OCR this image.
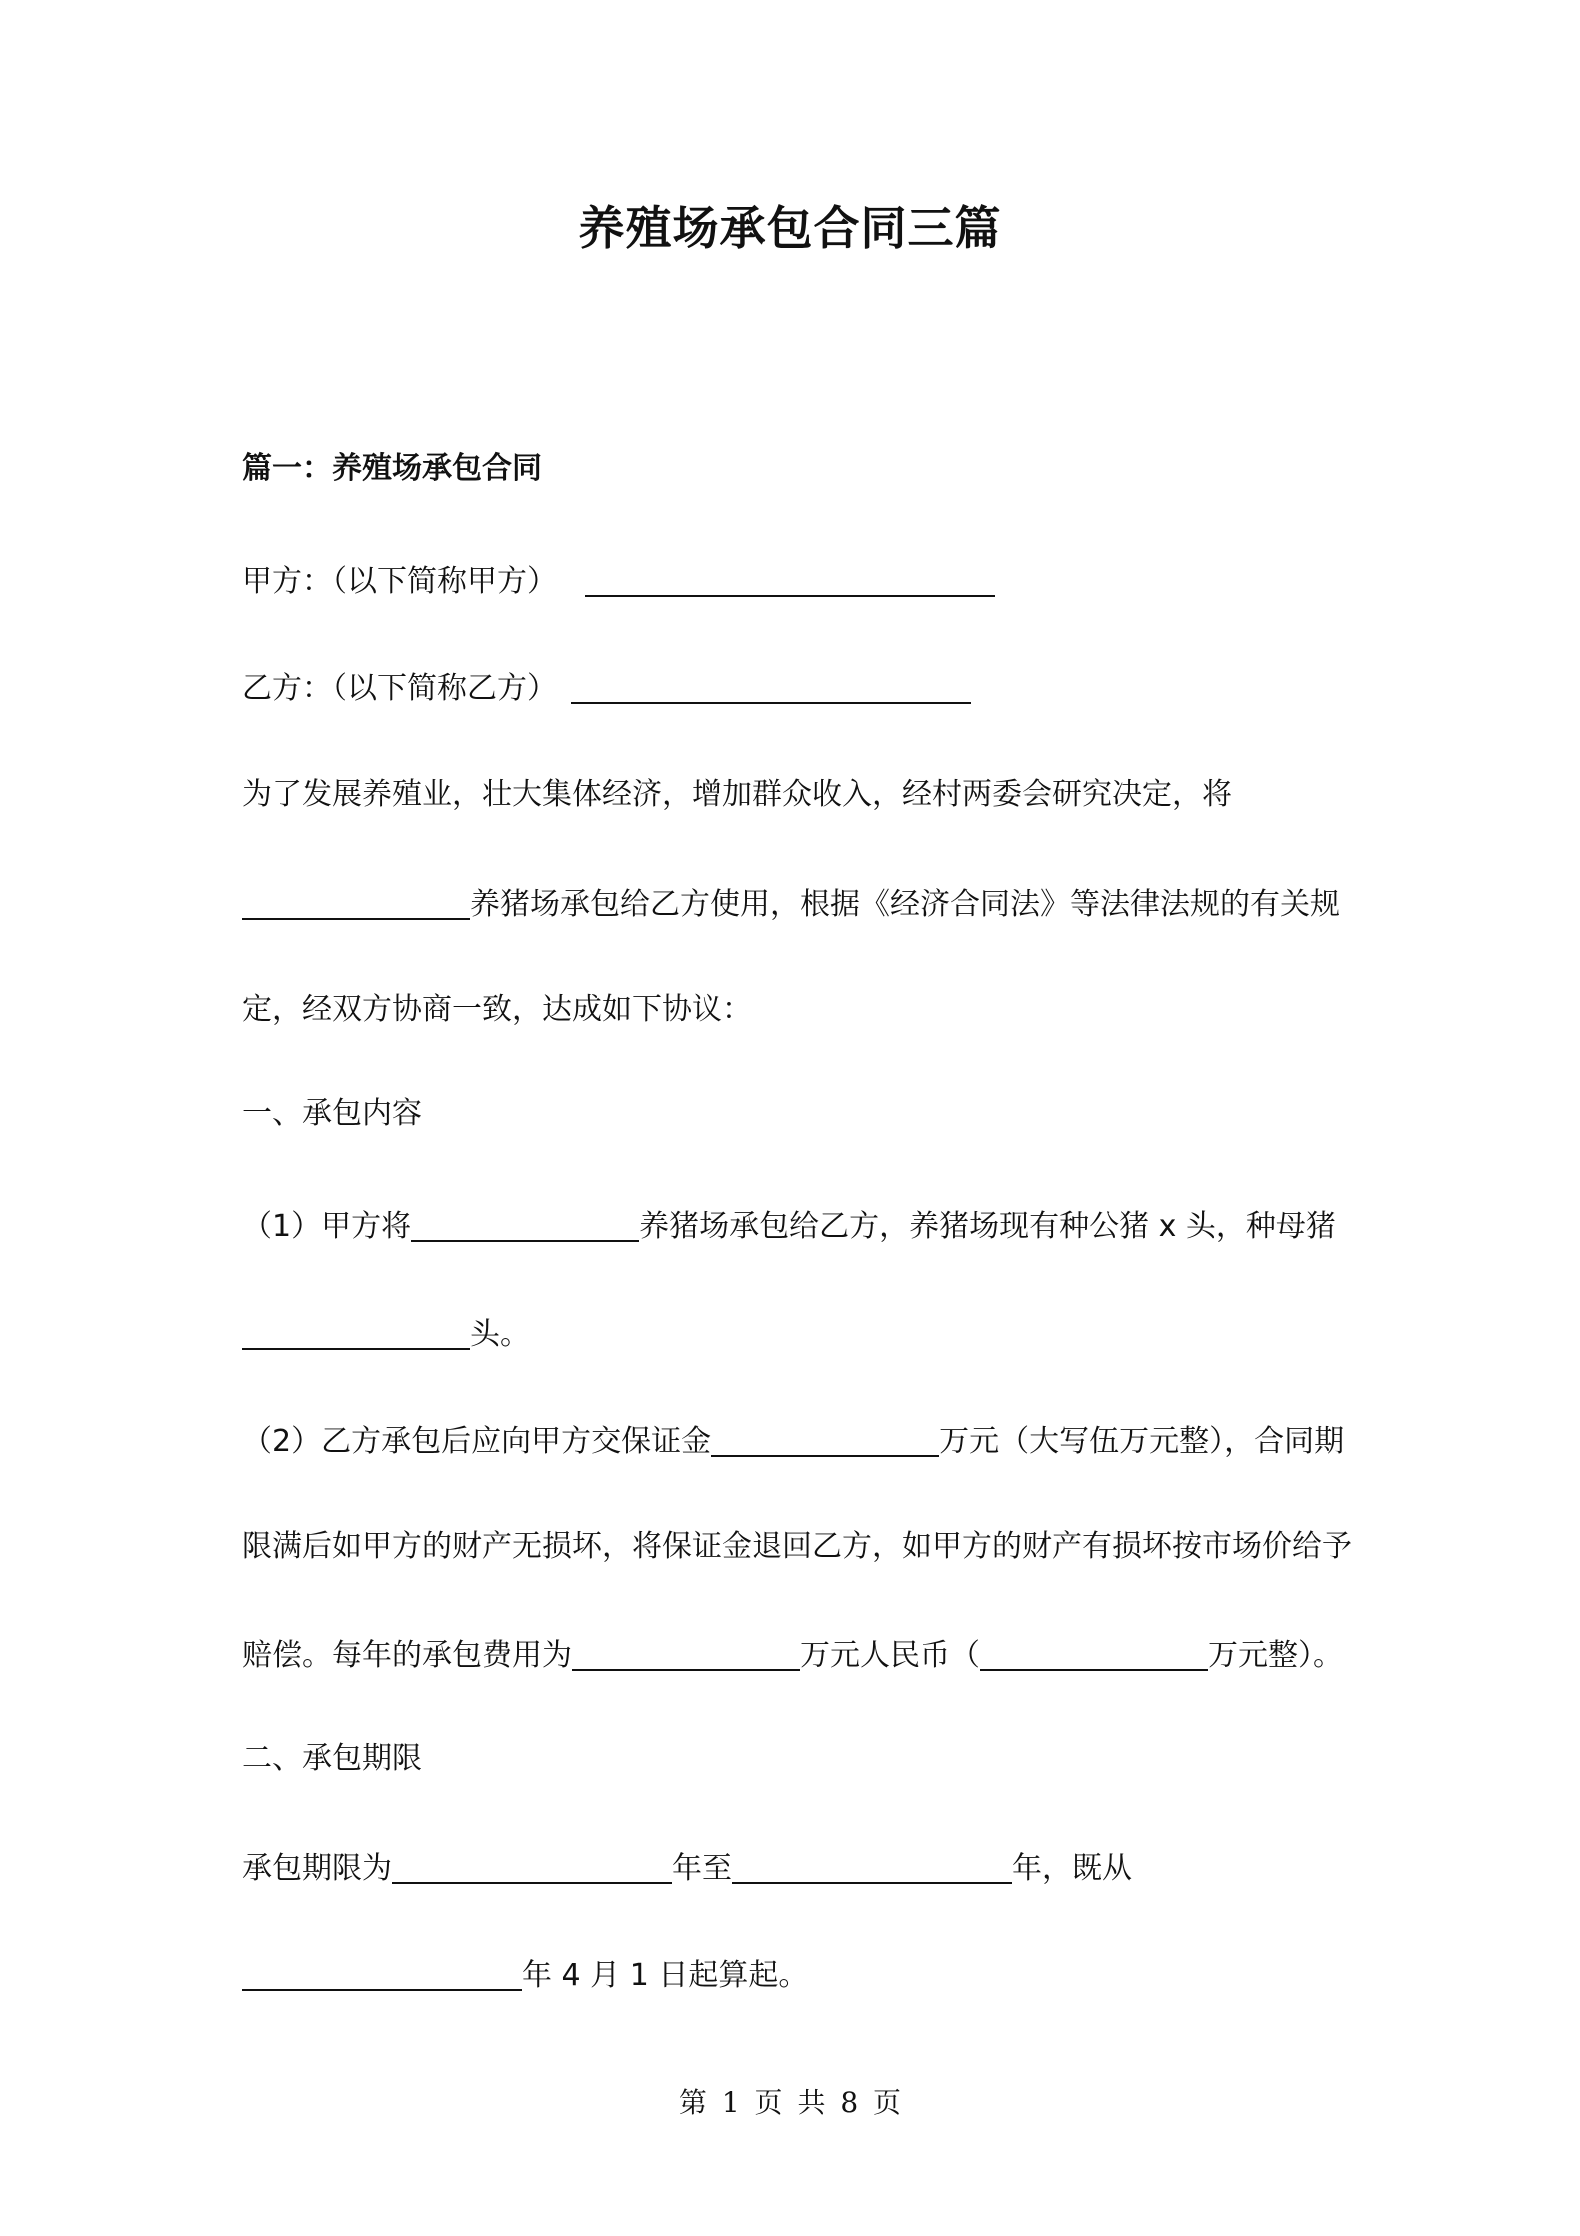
养殖场承包合同三篇
篇一：养殖场承包合同
甲方：（以下简称甲方）
乙方：（以下简称乙方）
为了发展养殖业，壮大集体经济，增加群众收入，经村两委会研究决定，将
养猪场承包给乙方使用，根据《经济合同法》等法律法规的有关规
定，经双方协商一致，达成如下协议：
一、承包内容
（1）甲方将	养猪场承包给乙方，养猪场现有种公猪 x 头，种母猪
头。
（2）乙方承包后应向甲方交保证金	万元（大写伍万元整），合同期
限满后如甲方的财产无损坏，将保证金退回乙方，如甲方的财产有损坏按市场价给予
赔偿。每年的承包费用为	万元人民币（	万元整）。
二、承包期限
承包期限为	年至	年，既从
年 4 月 1 日起算起。
第 1 页 共 8 页
